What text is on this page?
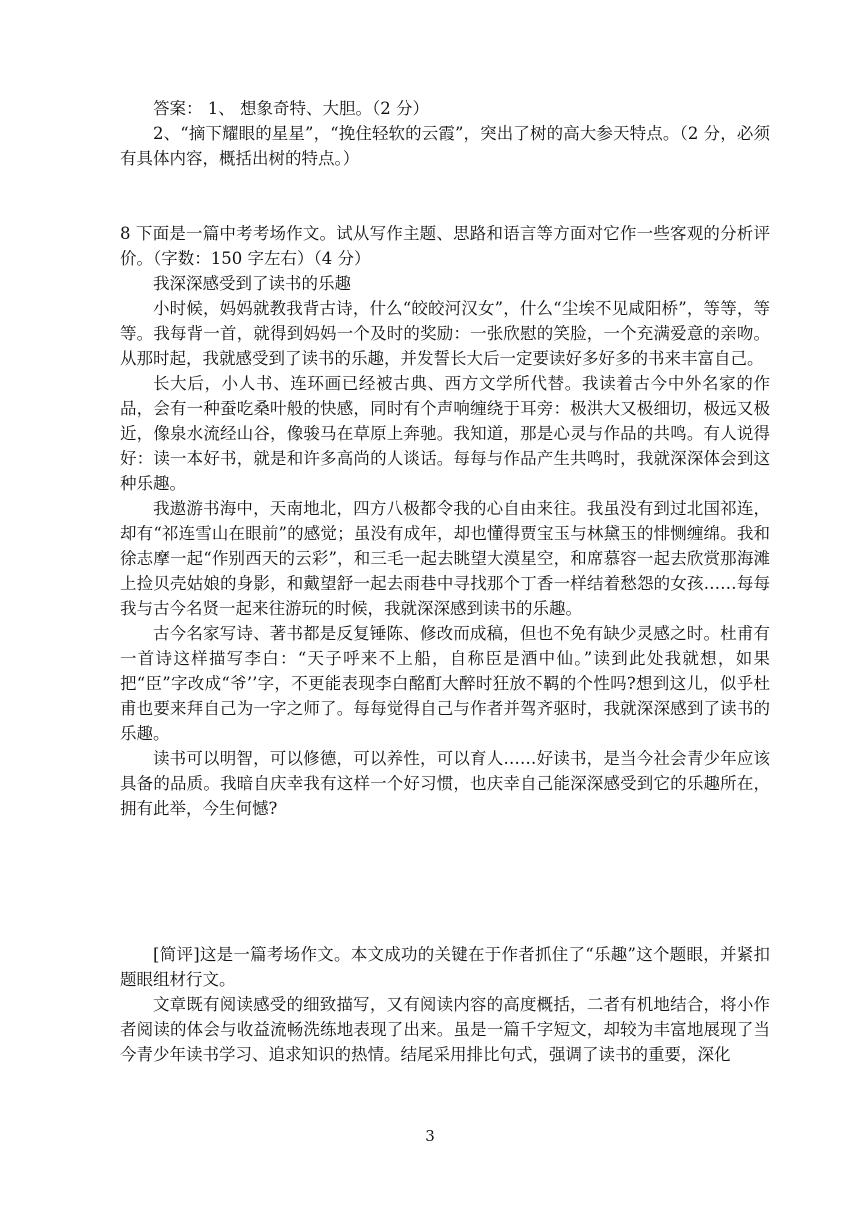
答案： 1、 想象奇特、大胆。（2 分）

2、“摘下耀眼的星星”，“挽住轻软的云霞”，突出了树的高大参天特点。（2 分，必须有具体内容，概括出树的特点。）

8 下面是一篇中考考场作文。试从写作主题、思路和语言等方面对它作一些客观的分析评价。（字数：150 字左右）（4 分）

我深深感受到了读书的乐趣

小时候，妈妈就教我背古诗，什么“皎皎河汉女”，什么“尘埃不见咸阳桥”，等等，等等。我每背一首，就得到妈妈一个及时的奖励：一张欣慰的笑脸，一个充满爱意的亲吻。从那时起，我就感受到了读书的乐趣，并发誓长大后一定要读好多好多的书来丰富自己。

长大后，小人书、连环画已经被古典、西方文学所代替。我读着古今中外名家的作品，会有一种蚕吃桑叶般的快感，同时有个声响缠绕于耳旁：极洪大又极细切，极远又极近，像泉水流经山谷，像骏马在草原上奔驰。我知道，那是心灵与作品的共鸣。有人说得好：读一本好书，就是和许多高尚的人谈话。每每与作品产生共鸣时，我就深深体会到这种乐趣。

我遨游书海中，天南地北，四方八极都令我的心自由来往。我虽没有到过北国祁连，却有“祁连雪山在眼前”的感觉；虽没有成年，却也懂得贾宝玉与林黛玉的悱恻缠绵。我和徐志摩一起“作别西天的云彩”，和三毛一起去眺望大漠星空，和席慕容一起去欣赏那海滩上捡贝壳姑娘的身影，和戴望舒一起去雨巷中寻找那个丁香一样结着愁怨的女孩……每每我与古今名贤一起来往游玩的时候，我就深深感到读书的乐趣。

古今名家写诗、著书都是反复锤陈、修改而成稿，但也不免有缺少灵感之时。杜甫有一首诗这样描写李白：“天子呼来不上船，自称臣是酒中仙。”读到此处我就想，如果把“臣”字改成“爷’’字，不更能表现李白酩酊大醉时狂放不羁的个性吗?想到这儿，似乎杜甫也要来拜自己为一字之师了。每每觉得自己与作者并驾齐驱时，我就深深感到了读书的乐趣。

读书可以明智，可以修德，可以养性，可以育人……好读书，是当今社会青少年应该具备的品质。我暗自庆幸我有这样一个好习惯，也庆幸自己能深深感受到它的乐趣所在，拥有此举，今生何憾?

[简评]这是一篇考场作文。本文成功的关键在于作者抓住了“乐趣”这个题眼，并紧扣题眼组材行文。

文章既有阅读感受的细致描写，又有阅读内容的高度概括，二者有机地结合，将小作者阅读的体会与收益流畅洗练地表现了出来。虽是一篇千字短文，却较为丰富地展现了当今青少年读书学习、追求知识的热情。结尾采用排比句式，强调了读书的重要，深化

3
